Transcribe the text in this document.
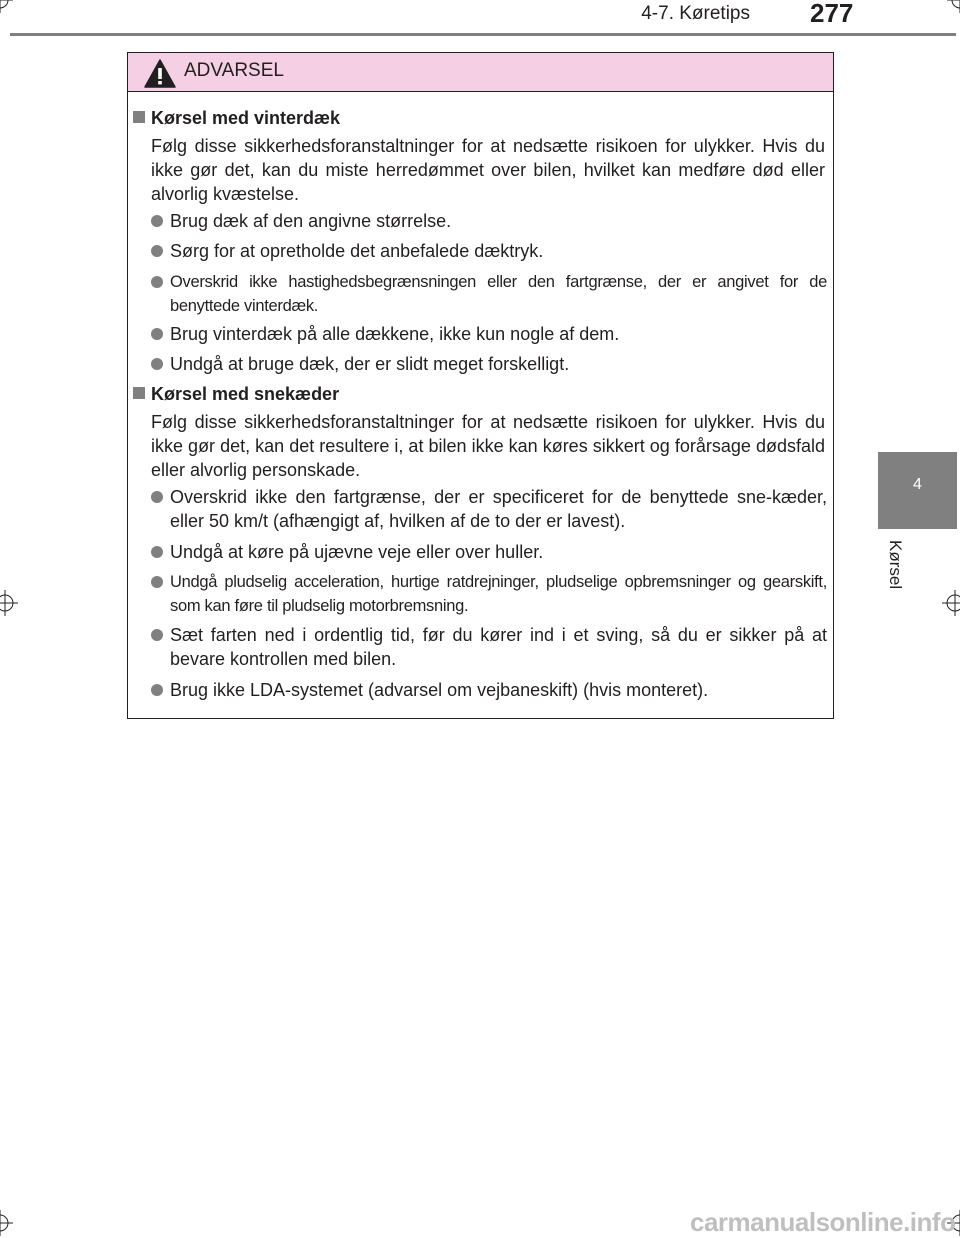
4-7. Køretips 277
4
Kørsel
ADVARSEL
Kørsel med vinterdæk
Følg disse sikkerhedsforanstaltninger for at nedsætte risikoen for ulykker. Hvis du ikke gør det, kan du miste herredømmet over bilen, hvilket kan medføre død eller alvorlig kvæstelse.
Brug dæk af den angivne størrelse.
Sørg for at opretholde det anbefalede dæktryk.
Overskrid ikke hastighedsbegrænsningen eller den fartgrænse, der er angivet for de benyttede vinterdæk.
Brug vinterdæk på alle dækkene, ikke kun nogle af dem.
Undgå at bruge dæk, der er slidt meget forskelligt.
Kørsel med snekæder
Følg disse sikkerhedsforanstaltninger for at nedsætte risikoen for ulykker. Hvis du ikke gør det, kan det resultere i, at bilen ikke kan køres sikkert og forårsage dødsfald eller alvorlig personskade.
Overskrid ikke den fartgrænse, der er specificeret for de benyttede sne-kæder, eller 50 km/t (afhængigt af, hvilken af de to der er lavest).
Undgå at køre på ujævne veje eller over huller.
Undgå pludselig acceleration, hurtige ratdrejninger, pludselige opbremsninger og gearskift, som kan føre til pludselig motorbremsning.
Sæt farten ned i ordentlig tid, før du kører ind i et sving, så du er sikker på at bevare kontrollen med bilen.
Brug ikke LDA-systemet (advarsel om vejbaneskift) (hvis monteret).
carmanualsonline.info
